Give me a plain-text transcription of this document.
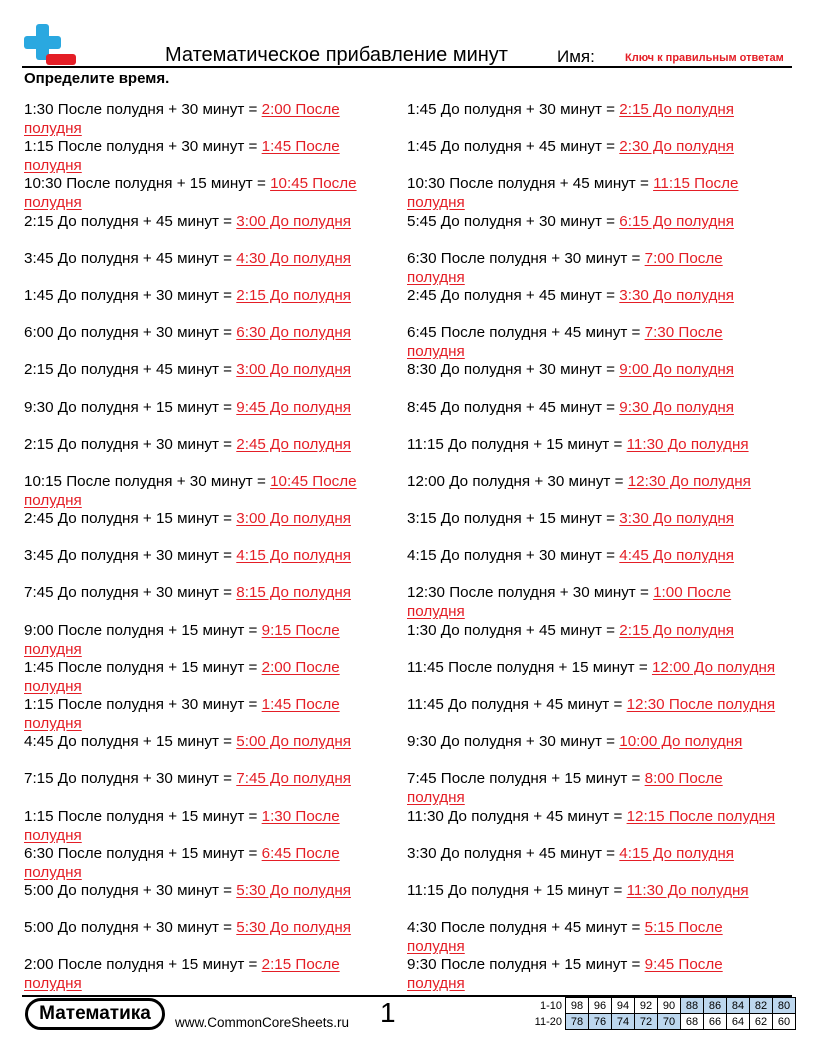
Математическое прибавление минут	Имя:	Ключ к правильным ответам
Определите время.
1:30 После полудня + 30 минут = 2:00 После полудня
1:15 После полудня + 30 минут = 1:45 После полудня
10:30 После полудня + 15 минут = 10:45 После полудня
2:15 До полудня + 45 минут = 3:00 До полудня
3:45 До полудня + 45 минут = 4:30 До полудня
1:45 До полудня + 30 минут = 2:15 До полудня
6:00 До полудня + 30 минут = 6:30 До полудня
2:15 До полудня + 45 минут = 3:00 До полудня
9:30 До полудня + 15 минут = 9:45 До полудня
2:15 До полудня + 30 минут = 2:45 До полудня
10:15 После полудня + 30 минут = 10:45 После полудня
2:45 До полудня + 15 минут = 3:00 До полудня
3:45 До полудня + 30 минут = 4:15 До полудня
7:45 До полудня + 30 минут = 8:15 До полудня
9:00 После полудня + 15 минут = 9:15 После полудня
1:45 После полудня + 15 минут = 2:00 После полудня
1:15 После полудня + 30 минут = 1:45 После полудня
4:45 До полудня + 15 минут = 5:00 До полудня
7:15 До полудня + 30 минут = 7:45 До полудня
1:15 После полудня + 15 минут = 1:30 После полудня
6:30 После полудня + 15 минут = 6:45 После полудня
5:00 До полудня + 30 минут = 5:30 До полудня
5:00 До полудня + 30 минут = 5:30 До полудня
2:00 После полудня + 15 минут = 2:15 После полудня
1:45 До полудня + 30 минут = 2:15 До полудня
1:45 До полудня + 45 минут = 2:30 До полудня
10:30 После полудня + 45 минут = 11:15 После полудня
5:45 До полудня + 30 минут = 6:15 До полудня
6:30 После полудня + 30 минут = 7:00 После полудня
2:45 До полудня + 45 минут = 3:30 До полудня
6:45 После полудня + 45 минут = 7:30 После полудня
8:30 До полудня + 30 минут = 9:00 До полудня
8:45 До полудня + 45 минут = 9:30 До полудня
11:15 До полудня + 15 минут = 11:30 До полудня
12:00 До полудня + 30 минут = 12:30 До полудня
3:15 До полудня + 15 минут = 3:30 До полудня
4:15 До полудня + 30 минут = 4:45 До полудня
12:30 После полудня + 30 минут = 1:00 После полудня
1:30 До полудня + 45 минут = 2:15 До полудня
11:45 После полудня + 15 минут = 12:00 До полудня
11:45 До полудня + 45 минут = 12:30 После полудня
9:30 До полудня + 30 минут = 10:00 До полудня
7:45 После полудня + 15 минут = 8:00 После полудня
11:30 До полудня + 45 минут = 12:15 После полудня
3:30 До полудня + 45 минут = 4:15 До полудня
11:15 До полудня + 15 минут = 11:30 До полудня
4:30 После полудня + 45 минут = 5:15 После полудня
9:30 После полудня + 15 минут = 9:45 После полудня
Математика	www.CommonCoreSheets.ru 1	1-10	98	96	94	92	90	88	86	84	82	80
11-20	78	76	74	72	70	68	66	64	62	60
